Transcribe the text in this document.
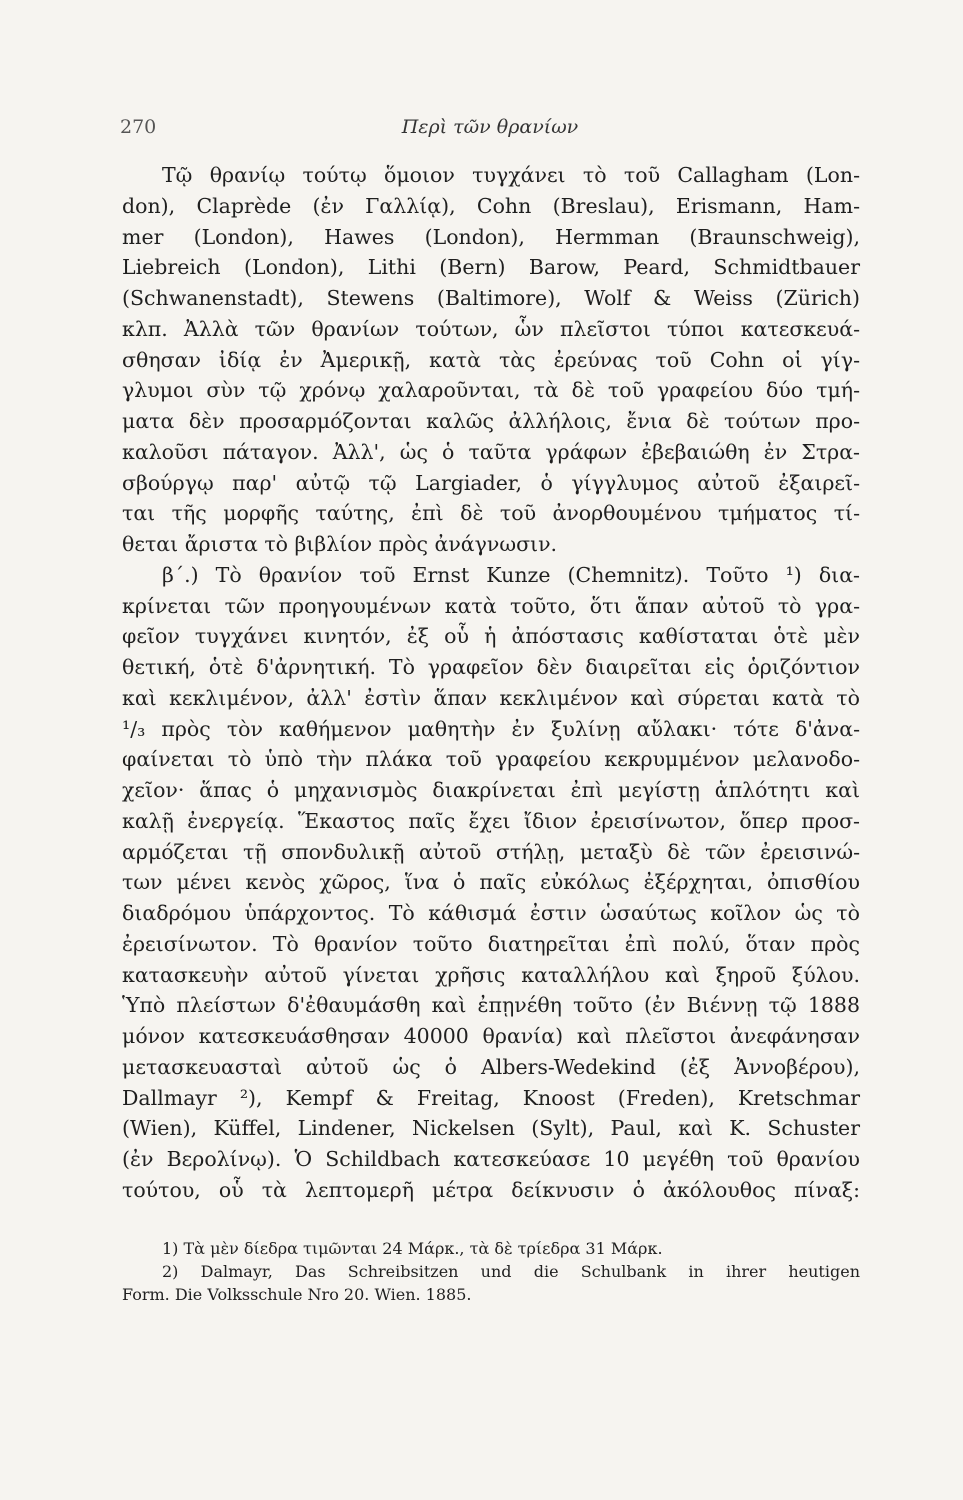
270	Περὶ τῶν θρανίων
Τῷ θρανίῳ τούτῳ ὅμοιον τυγχάνει τὸ τοῦ Callagham (Lon-
don), Claprède (ἐν Γαλλίᾳ), Cohn (Breslau), Erismann, Ham-
mer (London), Hawes (London), Hermman (Braunschweig),
Liebreich (London), Lithi (Bern) Barow, Peard, Schmidtbauer
(Schwanenstadt), Stewens (Baltimore), Wolf & Weiss (Zürich)
κλπ. Ἀλλὰ τῶν θρανίων τούτων, ὧν πλεῖστοι τύποι κατεσκευά-
σθησαν ἰδίᾳ ἐν Ἀμερικῇ, κατὰ τὰς ἐρεύνας τοῦ Cohn οἱ γίγ-
γλυμοι σὺν τῷ χρόνῳ χαλαροῦνται, τὰ δὲ τοῦ γραφείου δύο τμή-
ματα δὲν προσαρμόζονται καλῶς ἀλλήλοις, ἔνια δὲ τούτων προ-
καλοῦσι πάταγον. Ἀλλ', ὡς ὁ ταῦτα γράφων ἐβεβαιώθη ἐν Στρα-
σβούργῳ παρ' αὐτῷ τῷ Largiader, ὁ γίγγλυμος αὐτοῦ ἐξαιρεῖ-
ται τῆς μορφῆς ταύτης, ἐπὶ δὲ τοῦ ἀνορθουμένου τμήματος τί-
θεται ἄριστα τὸ βιβλίον πρὸς ἀνάγνωσιν.
β΄.) Τὸ θρανίον τοῦ Ernst Kunze (Chemnitz). Τοῦτο ¹) δια-
κρίνεται τῶν προηγουμένων κατὰ τοῦτο, ὅτι ἅπαν αὐτοῦ τὸ γρα-
φεῖον τυγχάνει κινητόν, ἐξ οὗ ἡ ἀπόστασις καθίσταται ὁτὲ μὲν
θετική, ὁτὲ δ'ἀρνητική. Τὸ γραφεῖον δὲν διαιρεῖται εἰς ὁριζόντιον
καὶ κεκλιμένον, ἀλλ' ἐστὶν ἅπαν κεκλιμένον καὶ σύρεται κατὰ τὸ
¹/₃ πρὸς τὸν καθήμενον μαθητὴν ἐν ξυλίνῃ αὔλακι· τότε δ'ἀνα-
φαίνεται τὸ ὑπὸ τὴν πλάκα τοῦ γραφείου κεκρυμμένον μελανοδο-
χεῖον· ἅπας ὁ μηχανισμὸς διακρίνεται ἐπὶ μεγίστῃ ἁπλότητι καὶ
καλῇ ἐνεργείᾳ. Ἕκαστος παῖς ἔχει ἴδιον ἐρεισίνωτον, ὅπερ προσ-
αρμόζεται τῇ σπονδυλικῇ αὐτοῦ στήλῃ, μεταξὺ δὲ τῶν ἐρεισινώ-
των μένει κενὸς χῶρος, ἵνα ὁ παῖς εὐκόλως ἐξέρχηται, ὀπισθίου
διαδρόμου ὑπάρχοντος. Τὸ κάθισμά ἐστιν ὡσαύτως κοῖλον ὡς τὸ
ἐρεισίνωτον. Τὸ θρανίον τοῦτο διατηρεῖται ἐπὶ πολύ, ὅταν πρὸς
κατασκευὴν αὐτοῦ γίνεται χρῆσις καταλλήλου καὶ ξηροῦ ξύλου.
Ὑπὸ πλείστων δ'ἐθαυμάσθη καὶ ἐπῃνέθη τοῦτο (ἐν Βιέννῃ τῷ 1888
μόνον κατεσκευάσθησαν 40000 θρανία) καὶ πλεῖστοι ἀνεφάνησαν
μετασκευασταὶ αὐτοῦ ὡς ὁ Albers-Wedekind (ἐξ Ἀννοβέρου),
Dallmayr ²), Kempf & Freitag, Knoost (Freden), Kretschmar
(Wien), Küffel, Lindener, Nickelsen (Sylt), Paul, καὶ K. Schuster
(ἐν Βερολίνῳ). Ὁ Schildbach κατεσκεύασε 10 μεγέθη τοῦ θρανίου
τούτου, οὗ τὰ λεπτομερῆ μέτρα δείκνυσιν ὁ ἀκόλουθος πίναξ:
1) Τὰ μὲν δίεδρα τιμῶνται 24 Μάρκ., τὰ δὲ τρίεδρα 31 Μάρκ.
2) Dalmayr, Das Schreibsitzen und die Schulbank in ihrer heutigen
Form. Die Volksschule Nro 20. Wien. 1885.
